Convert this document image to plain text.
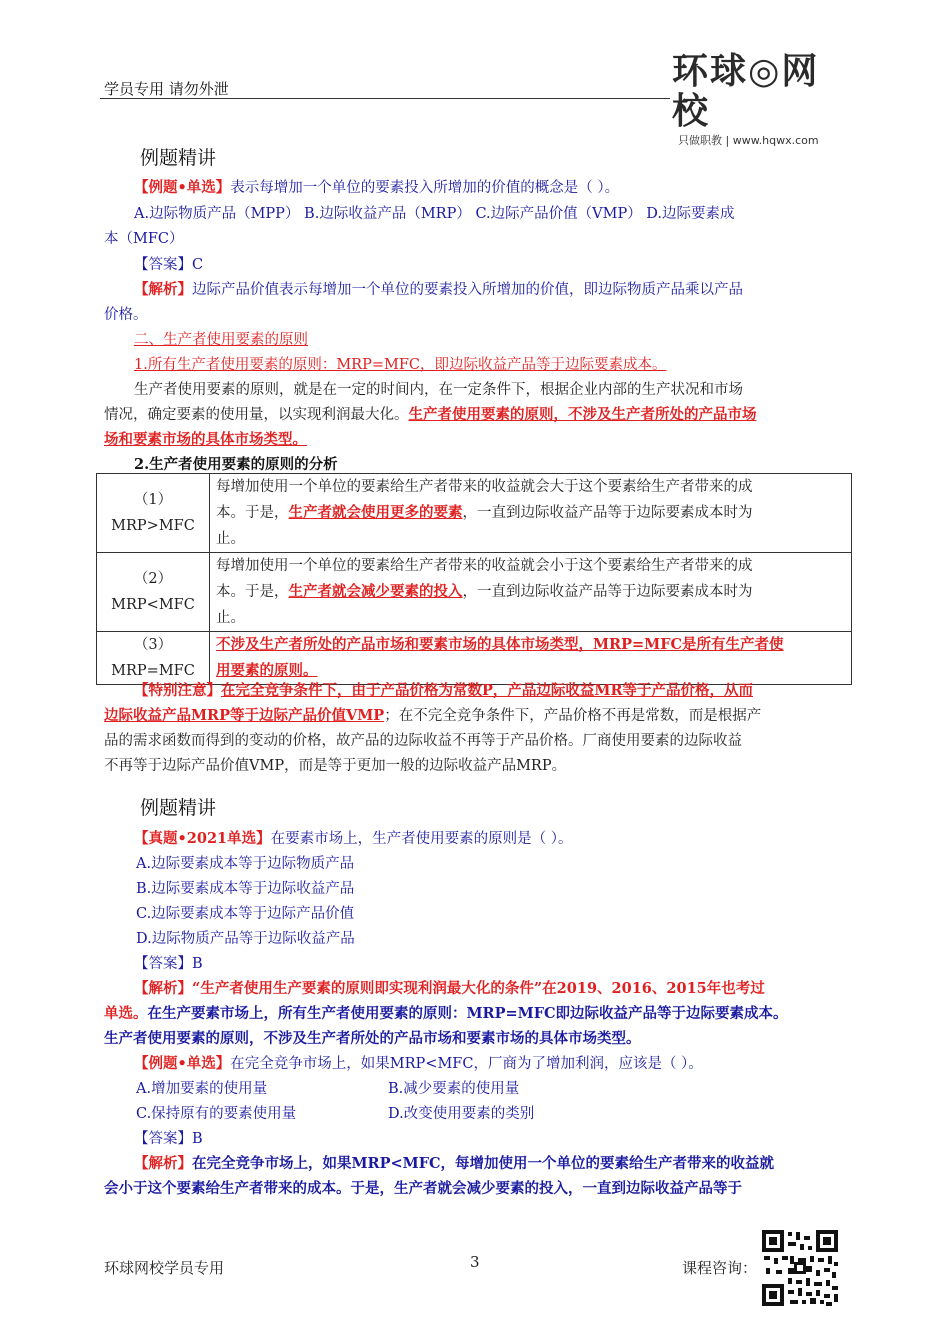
学员专用 请勿外泄	环球◎网校
只做职教 | www.hqwx.com
例题精讲
【例题•单选】表示每增加一个单位的要素投入所增加的价值的概念是（ ）。
A.边际物质产品（MPP） B.边际收益产品（MRP） C.边际产品价值（VMP） D.边际要素成
本（MFC）
【答案】C
【解析】边际产品价值表示每增加一个单位的要素投入所增加的价值，即边际物质产品乘以产品
价格。
二、生产者使用要素的原则
1.所有生产者使用要素的原则：MRP=MFC，即边际收益产品等于边际要素成本。
生产者使用要素的原则，就是在一定的时间内，在一定条件下，根据企业内部的生产状况和市场
情况，确定要素的使用量，以实现利润最大化。生产者使用要素的原则，不涉及生产者所处的产品市场
场和要素市场的具体市场类型。
2.生产者使用要素的原则的分析
（1）MRP>MFC	每增加使用一个单位的要素给生产者带来的收益就会大于这个要素给生产者带来的成
本。于是，生产者就会使用更多的要素，一直到边际收益产品等于边际要素成本时为
止。

（2）MRP<MFC	每增加使用一个单位的要素给生产者带来的收益就会小于这个要素给生产者带来的成
本。于是，生产者就会减少要素的投入，一直到边际收益产品等于边际要素成本时为
止。

（3）MRP=MFC	不涉及生产者所处的产品市场和要素市场的具体市场类型，MRP=MFC是所有生产者使
用要素的原则。
【特别注意】在完全竞争条件下，由于产品价格为常数P，产品边际收益MR等于产品价格，从而
边际收益产品MRP等于边际产品价值VMP；在不完全竞争条件下，产品价格不再是常数，而是根据产
品的需求函数而得到的变动的价格，故产品的边际收益不再等于产品价格。厂商使用要素的边际收益
不再等于边际产品价值VMP，而是等于更加一般的边际收益产品MRP。
例题精讲
【真题•2021单选】在要素市场上，生产者使用要素的原则是（ ）。
A.边际要素成本等于边际物质产品
B.边际要素成本等于边际收益产品
C.边际要素成本等于边际产品价值
D.边际物质产品等于边际收益产品
【答案】B
【解析】“生产者使用生产要素的原则即实现利润最大化的条件”在2019、2016、2015年也考过
单选。在生产要素市场上，所有生产者使用要素的原则：MRP=MFC即边际收益产品等于边际要素成本。
生产者使用要素的原则，不涉及生产者所处的产品市场和要素市场的具体市场类型。
【例题•单选】在完全竞争市场上，如果MRP<MFC，厂商为了增加利润，应该是（ ）。
A.增加要素的使用量	B.减少要素的使用量
C.保持原有的要素使用量	D.改变使用要素的类别
【答案】B
【解析】在完全竞争市场上，如果MRP<MFC，每增加使用一个单位的要素给生产者带来的收益就
会小于这个要素给生产者带来的成本。于是，生产者就会减少要素的投入，一直到边际收益产品等于
环球网校学员专用	3	课程咨询：
